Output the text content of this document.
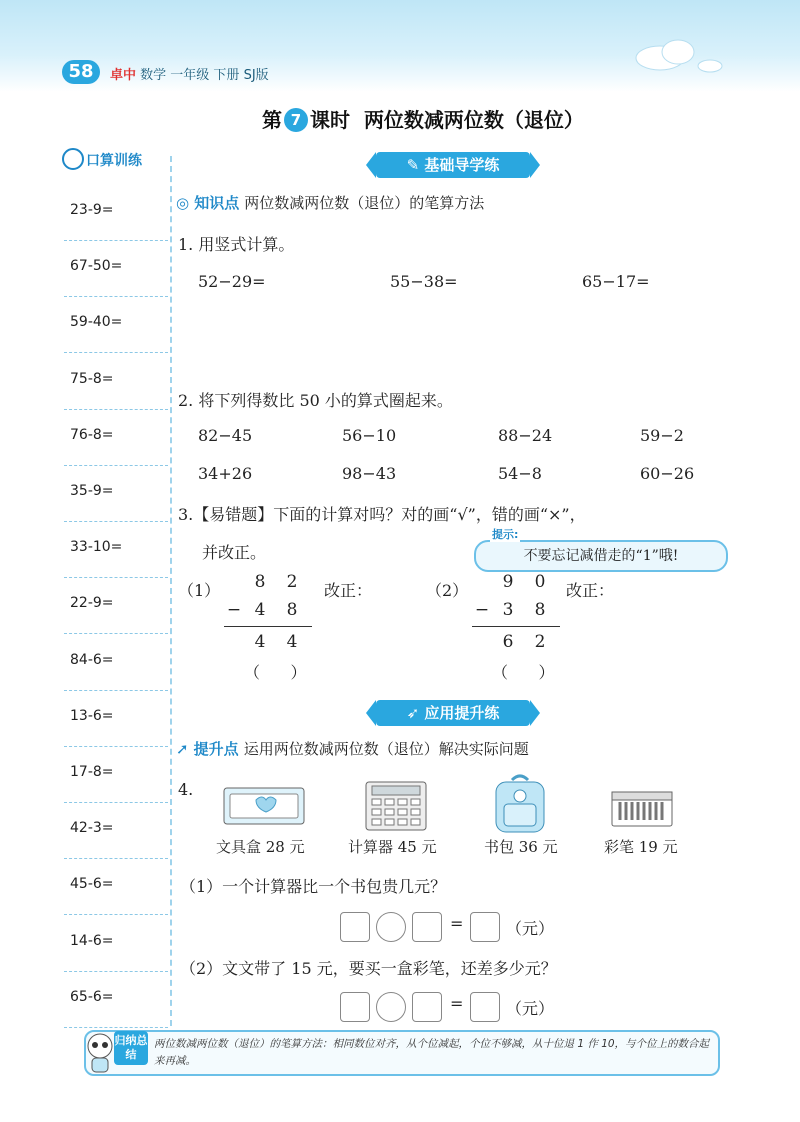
58	卓中 数学 一年级 下册 SJ版
第 7 课时 两位数减两位数（退位）
口算训练
23-9=
67-50=
59-40=
75-8=
76-8=
35-9=
33-10=
22-9=
84-6=
13-6=
17-8=
42-3=
45-6=
14-6=
65-6=
✎ 基础导学练
◎ 知识点 两位数减两位数（退位）的笔算方法
1. 用竖式计算。
52−29=	55−38=	65−17=
2. 将下列得数比 50 小的算式圈起来。
82−45	56−10	88−24	59−2
34+26	98−43	54−8	60−26
3.【易错题】下面的计算对吗？对的画“√”，错的画“×”，
并改正。	不要忘记减借走的“1”哦!
提示:
（1） 8 2
− 4 8
4 4
（      ）
改正：	（2） 9 0
− 3 8
6 2
（      ）
改正：
➶ 应用提升练
➚ 提升点 运用两位数减两位数（退位）解决实际问题
4.
文具盒 28 元	计算器 45 元	书包 36 元	彩笔 19 元
（1）一个计算器比一个书包贵几元？
=	（元）
（2）文文带了 15 元，要买一盒彩笔，还差多少元？
=	（元）
归纳总结
两位数减两位数（退位）的笔算方法：相同数位对齐，从个位减起，个位不够减，从十位退 1 作 10，与个位上的数合起来再减。
